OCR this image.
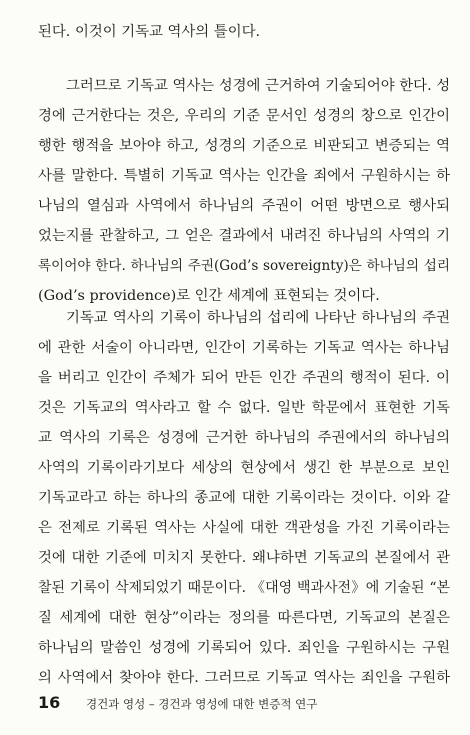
된다. 이것이 기독교 역사의 틀이다.
그러므로 기독교 역사는 성경에 근거하여 기술되어야 한다. 성
경에 근거한다는 것은, 우리의 기준 문서인 성경의 창으로 인간이
행한 행적을 보아야 하고, 성경의 기준으로 비판되고 변증되는 역
사를 말한다. 특별히 기독교 역사는 인간을 죄에서 구원하시는 하
나님의 열심과 사역에서 하나님의 주권이 어떤 방면으로 행사되
었는지를 관찰하고, 그 얻은 결과에서 내려진 하나님의 사역의 기
록이어야 한다. 하나님의 주권(God’s sovereignty)은 하나님의 섭리
(God’s providence)로 인간 세계에 표현되는 것이다.
기독교 역사의 기록이 하나님의 섭리에 나타난 하나님의 주권
에 관한 서술이 아니라면, 인간이 기록하는 기독교 역사는 하나님
을 버리고 인간이 주체가 되어 만든 인간 주권의 행적이 된다. 이
것은 기독교의 역사라고 할 수 없다. 일반 학문에서 표현한 기독
교 역사의 기록은 성경에 근거한 하나님의 주권에서의 하나님의
사역의 기록이라기보다 세상의 현상에서 생긴 한 부분으로 보인
기독교라고 하는 하나의 종교에 대한 기록이라는 것이다. 이와 같
은 전제로 기록된 역사는 사실에 대한 객관성을 가진 기록이라는
것에 대한 기준에 미치지 못한다. 왜냐하면 기독교의 본질에서 관
찰된 기록이 삭제되었기 때문이다. 《대영 백과사전》에 기술된 “본
질 세계에 대한 현상”이라는 정의를 따른다면, 기독교의 본질은
하나님의 말씀인 성경에 기록되어 있다. 죄인을 구원하시는 구원
의 사역에서 찾아야 한다. 그러므로 기독교 역사는 죄인을 구원하
16 경건과 영성 – 경건과 영성에 대한 변증적 연구
